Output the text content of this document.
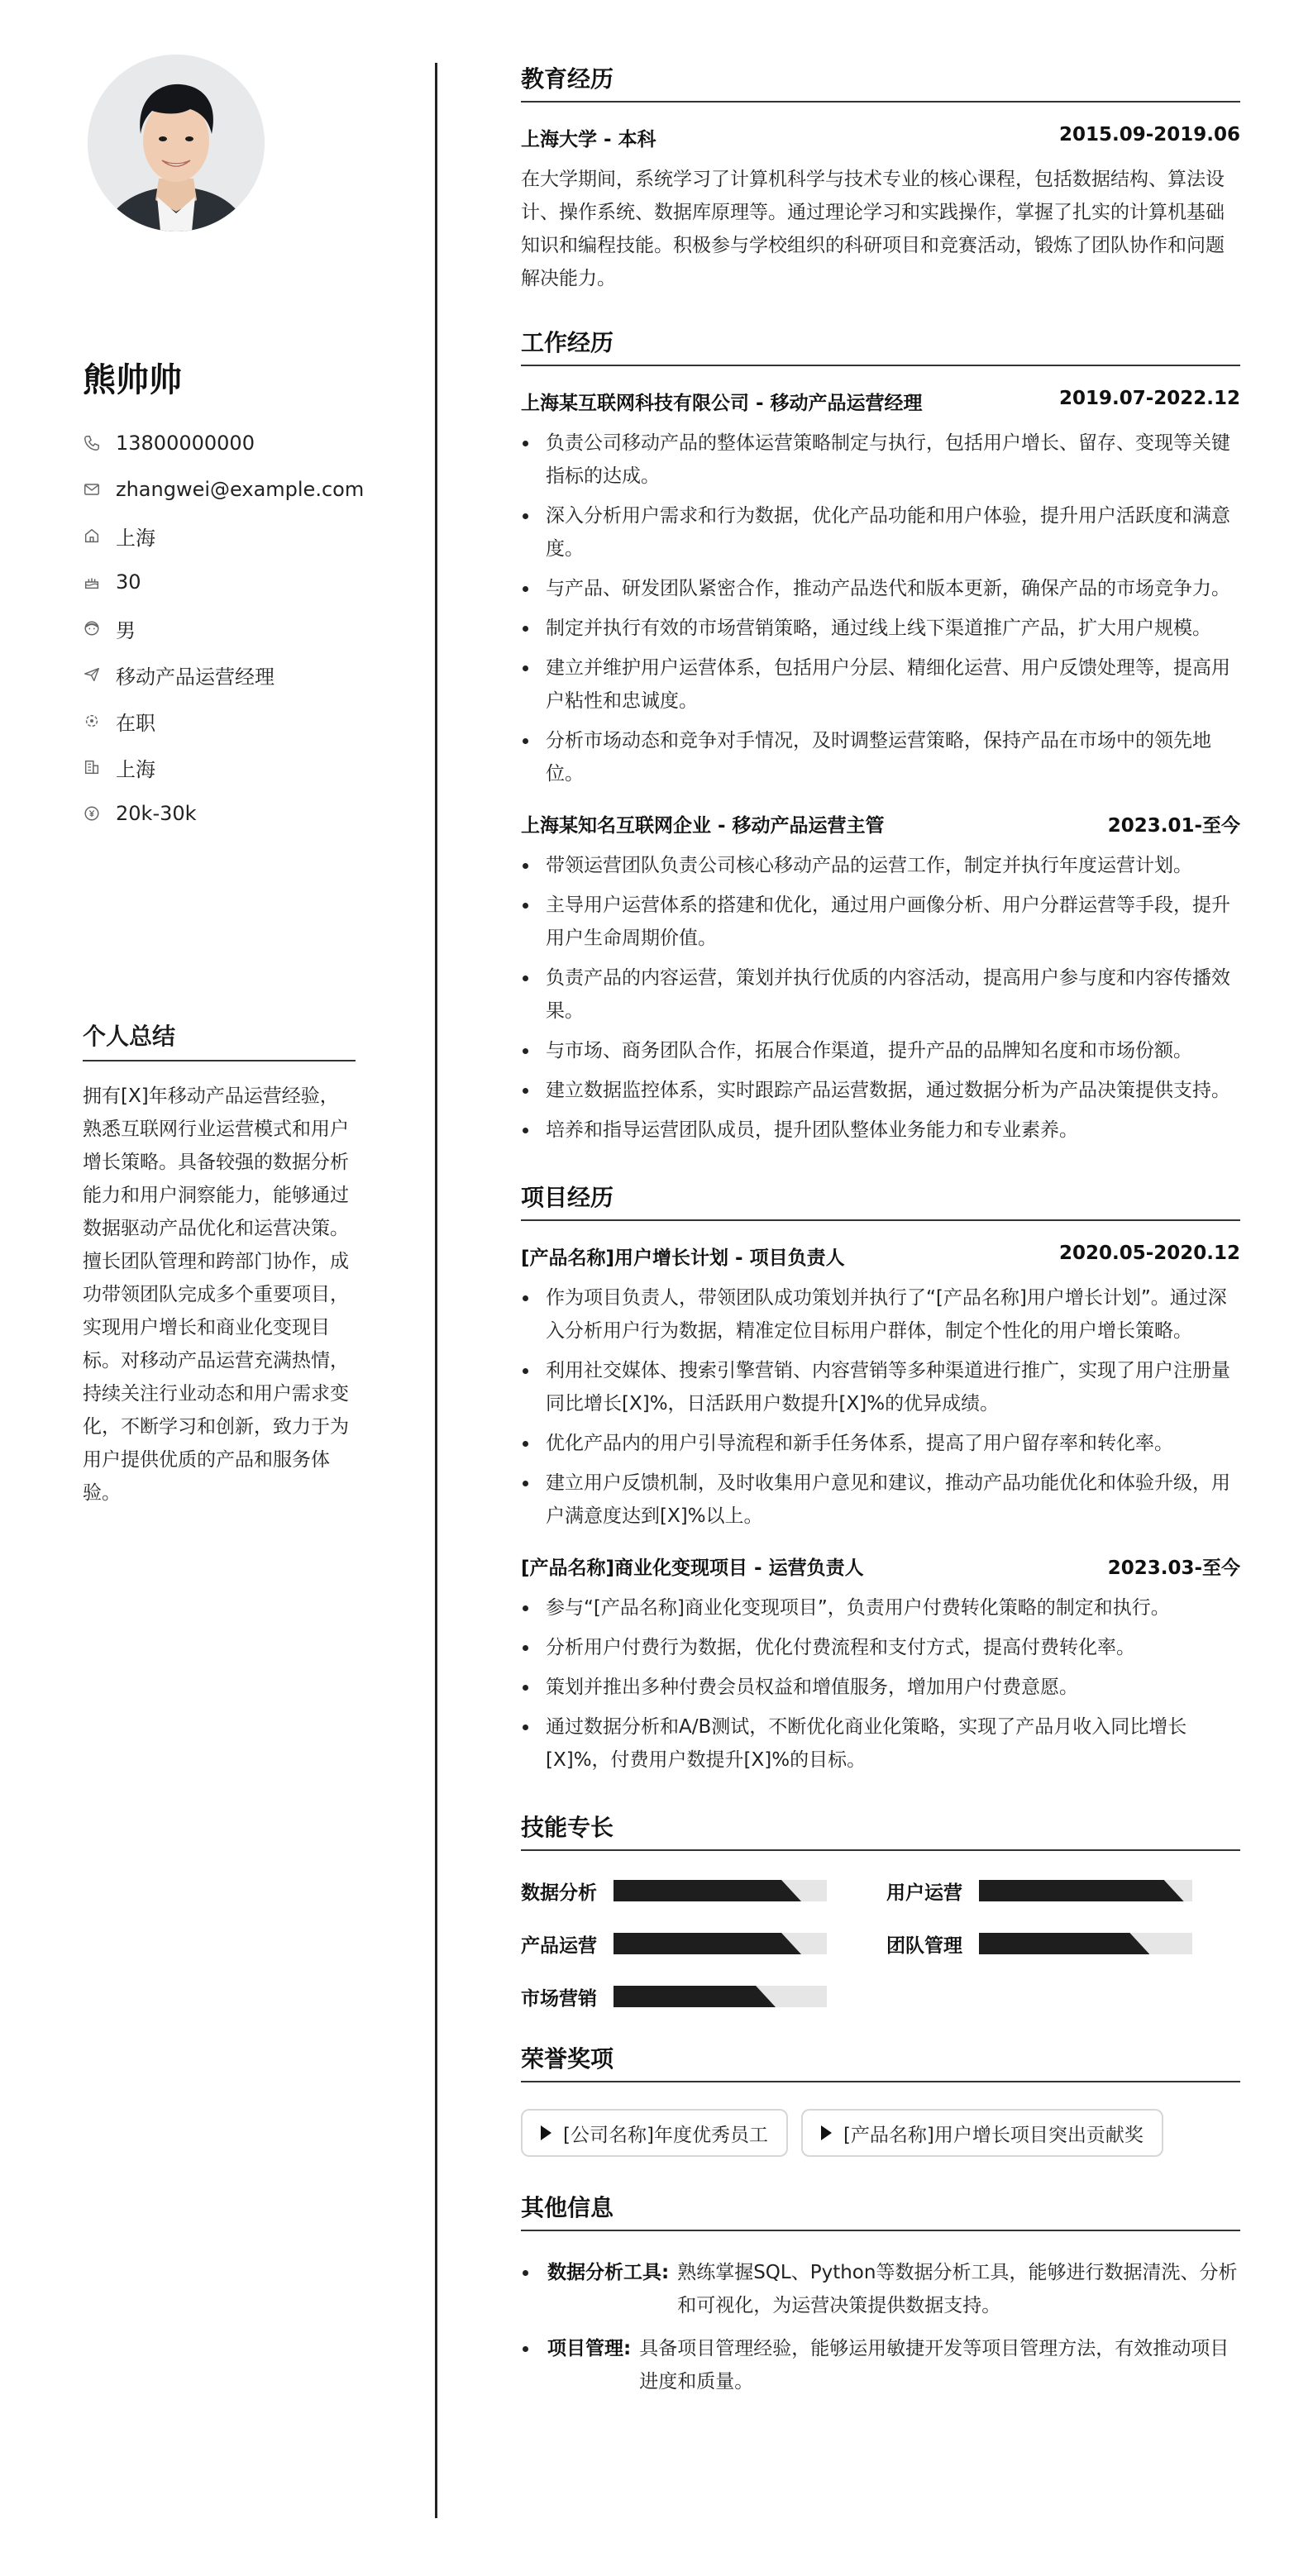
熊帅帅
13800000000
zhangwei@example.com
上海
30
男
移动产品运营经理
在职
上海
20k-30k
个人总结
拥有[X]年移动产品运营经验，熟悉互联网行业运营模式和用户增长策略。具备较强的数据分析能力和用户洞察能力，能够通过数据驱动产品优化和运营决策。擅长团队管理和跨部门协作，成功带领团队完成多个重要项目，实现用户增长和商业化变现目标。对移动产品运营充满热情，持续关注行业动态和用户需求变化，不断学习和创新，致力于为用户提供优质的产品和服务体验。
教育经历
上海大学 - 本科	2015.09-2019.06
在大学期间，系统学习了计算机科学与技术专业的核心课程，包括数据结构、算法设计、操作系统、数据库原理等。通过理论学习和实践操作，掌握了扎实的计算机基础知识和编程技能。积极参与学校组织的科研项目和竞赛活动，锻炼了团队协作和问题解决能力。
工作经历
上海某互联网科技有限公司 - 移动产品运营经理	2019.07-2022.12
负责公司移动产品的整体运营策略制定与执行，包括用户增长、留存、变现等关键指标的达成。
深入分析用户需求和行为数据，优化产品功能和用户体验，提升用户活跃度和满意度。
与产品、研发团队紧密合作，推动产品迭代和版本更新，确保产品的市场竞争力。
制定并执行有效的市场营销策略，通过线上线下渠道推广产品，扩大用户规模。
建立并维护用户运营体系，包括用户分层、精细化运营、用户反馈处理等，提高用户粘性和忠诚度。
分析市场动态和竞争对手情况，及时调整运营策略，保持产品在市场中的领先地位。
上海某知名互联网企业 - 移动产品运营主管	2023.01-至今
带领运营团队负责公司核心移动产品的运营工作，制定并执行年度运营计划。
主导用户运营体系的搭建和优化，通过用户画像分析、用户分群运营等手段，提升用户生命周期价值。
负责产品的内容运营，策划并执行优质的内容活动，提高用户参与度和内容传播效果。
与市场、商务团队合作，拓展合作渠道，提升产品的品牌知名度和市场份额。
建立数据监控体系，实时跟踪产品运营数据，通过数据分析为产品决策提供支持。
培养和指导运营团队成员，提升团队整体业务能力和专业素养。
项目经历
[产品名称]用户增长计划 - 项目负责人	2020.05-2020.12
作为项目负责人，带领团队成功策划并执行了“[产品名称]用户增长计划”。通过深入分析用户行为数据，精准定位目标用户群体，制定个性化的用户增长策略。
利用社交媒体、搜索引擎营销、内容营销等多种渠道进行推广，实现了用户注册量同比增长[X]%，日活跃用户数提升[X]%的优异成绩。
优化产品内的用户引导流程和新手任务体系，提高了用户留存率和转化率。
建立用户反馈机制，及时收集用户意见和建议，推动产品功能优化和体验升级，用户满意度达到[X]%以上。
[产品名称]商业化变现项目 - 运营负责人	2023.03-至今
参与“[产品名称]商业化变现项目”，负责用户付费转化策略的制定和执行。
分析用户付费行为数据，优化付费流程和支付方式，提高付费转化率。
策划并推出多种付费会员权益和增值服务，增加用户付费意愿。
通过数据分析和A/B测试，不断优化商业化策略，实现了产品月收入同比增长[X]%，付费用户数提升[X]%的目标。
技能专长
数据分析	用户运营
产品运营	团队管理
市场营销
荣誉奖项
[公司名称]年度优秀员工	[产品名称]用户增长项目突出贡献奖
其他信息
数据分析工具: 熟练掌握SQL、Python等数据分析工具，能够进行数据清洗、分析和可视化，为运营决策提供数据支持。
项目管理: 具备项目管理经验，能够运用敏捷开发等项目管理方法，有效推动项目进度和质量。
